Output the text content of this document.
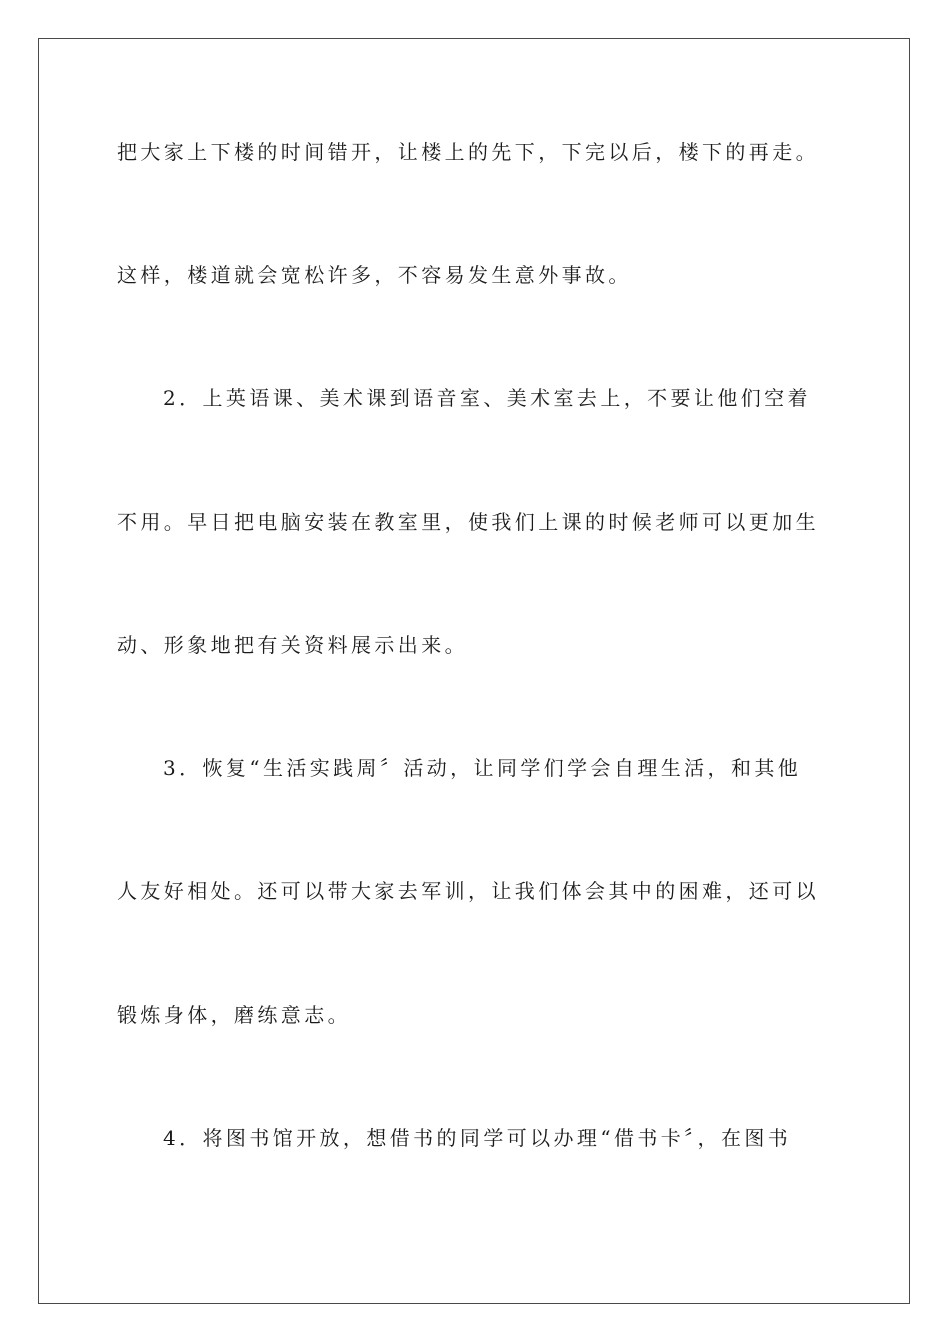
把大家上下楼的时间错开，让楼上的先下，下完以后，楼下的再走。
这样，楼道就会宽松许多，不容易发生意外事故。
2．上英语课、美术课到语音室、美术室去上，不要让他们空着
不用。早日把电脑安装在教室里，使我们上课的时候老师可以更加生
动、形象地把有关资料展示出来。
3．恢复“生活实践周〞活动，让同学们学会自理生活，和其他
人友好相处。还可以带大家去军训，让我们体会其中的困难，还可以
锻炼身体，磨练意志。
4．将图书馆开放，想借书的同学可以办理“借书卡〞，在图书
